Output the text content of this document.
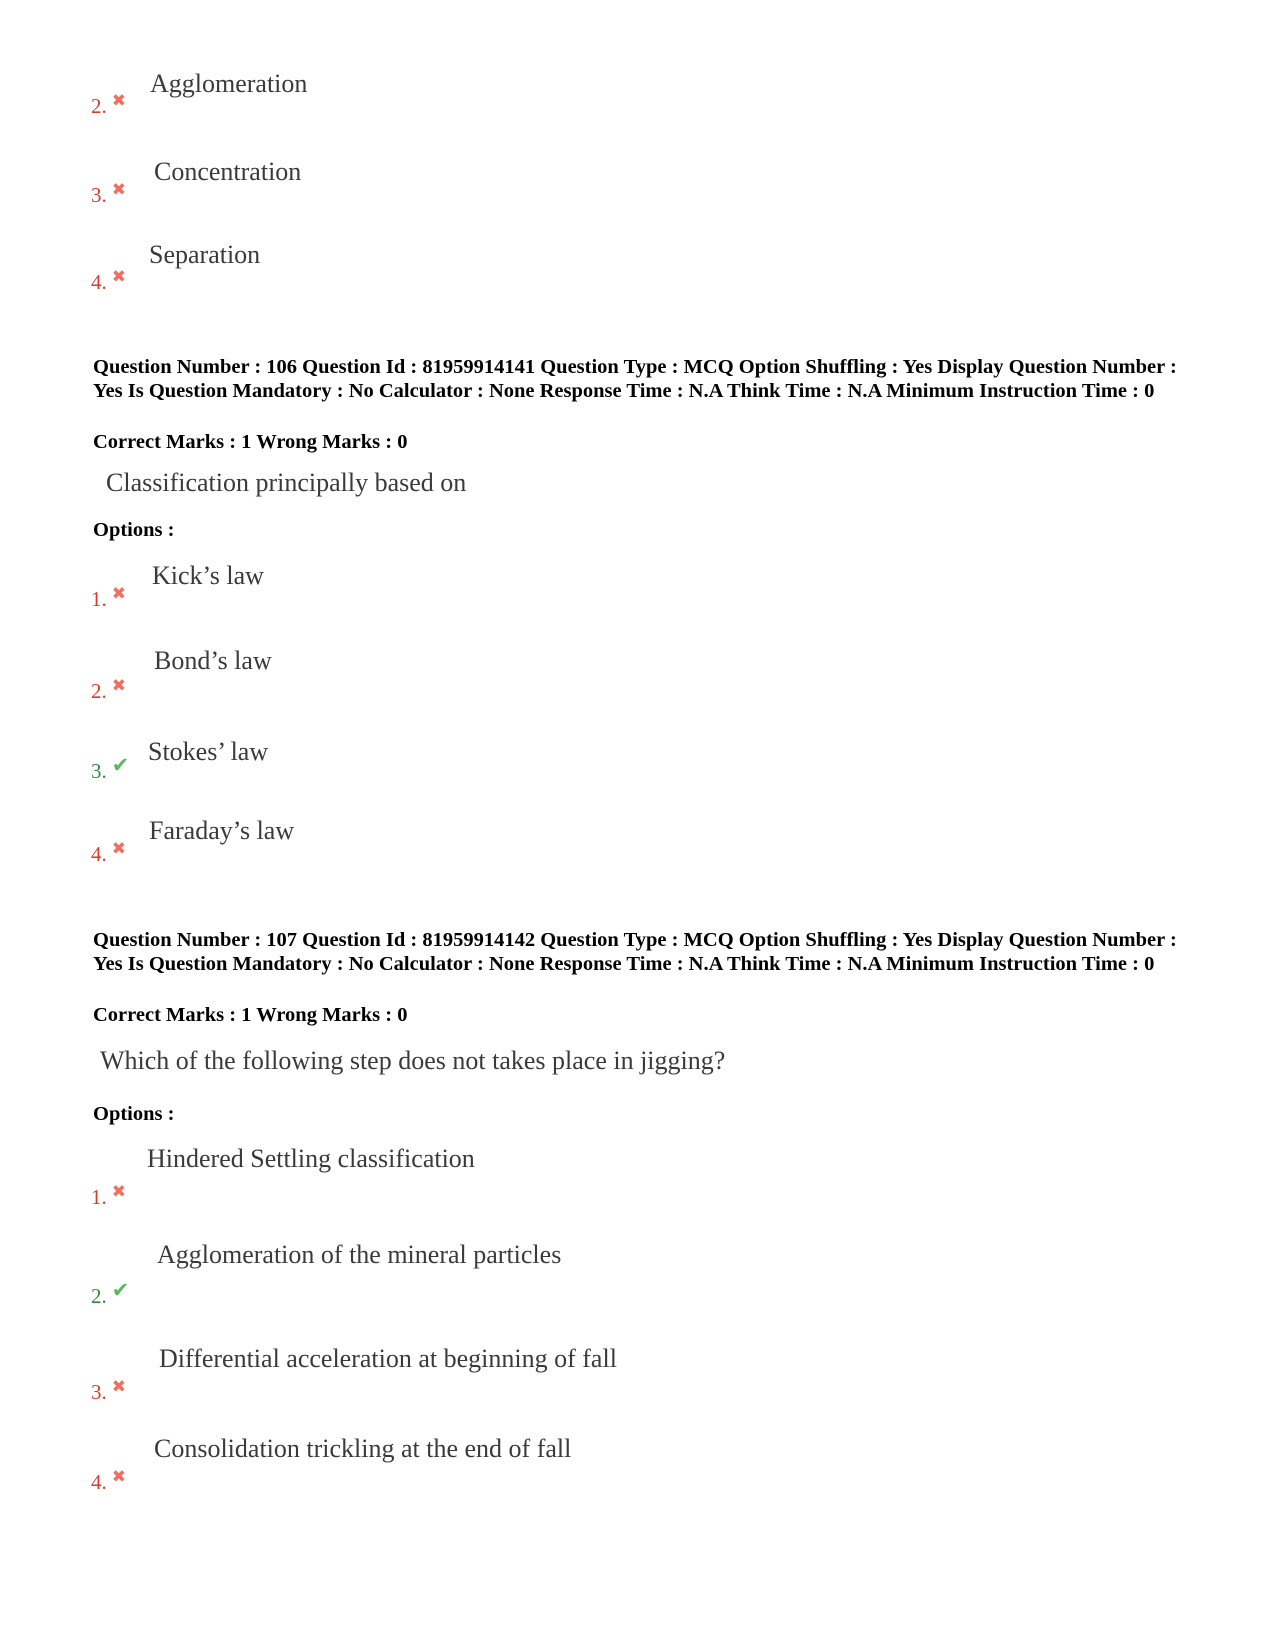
Agglomeration
2. ✖
Concentration
3. ✖
Separation
4. ✖
Question Number : 106 Question Id : 81959914141 Question Type : MCQ Option Shuffling : Yes Display Question Number : Yes Is Question Mandatory : No Calculator : None Response Time : N.A Think Time : N.A Minimum Instruction Time : 0
Correct Marks : 1 Wrong Marks : 0
Classification principally based on
Options :
Kick’s law
1. ✖
Bond’s law
2. ✖
Stokes’ law
3. ✔
Faraday’s law
4. ✖
Question Number : 107 Question Id : 81959914142 Question Type : MCQ Option Shuffling : Yes Display Question Number : Yes Is Question Mandatory : No Calculator : None Response Time : N.A Think Time : N.A Minimum Instruction Time : 0
Correct Marks : 1 Wrong Marks : 0
Which of the following step does not takes place in jigging?
Options :
Hindered Settling classification
1. ✖
Agglomeration of the mineral particles
2. ✔
Differential acceleration at beginning of fall
3. ✖
Consolidation trickling at the end of fall
4. ✖
